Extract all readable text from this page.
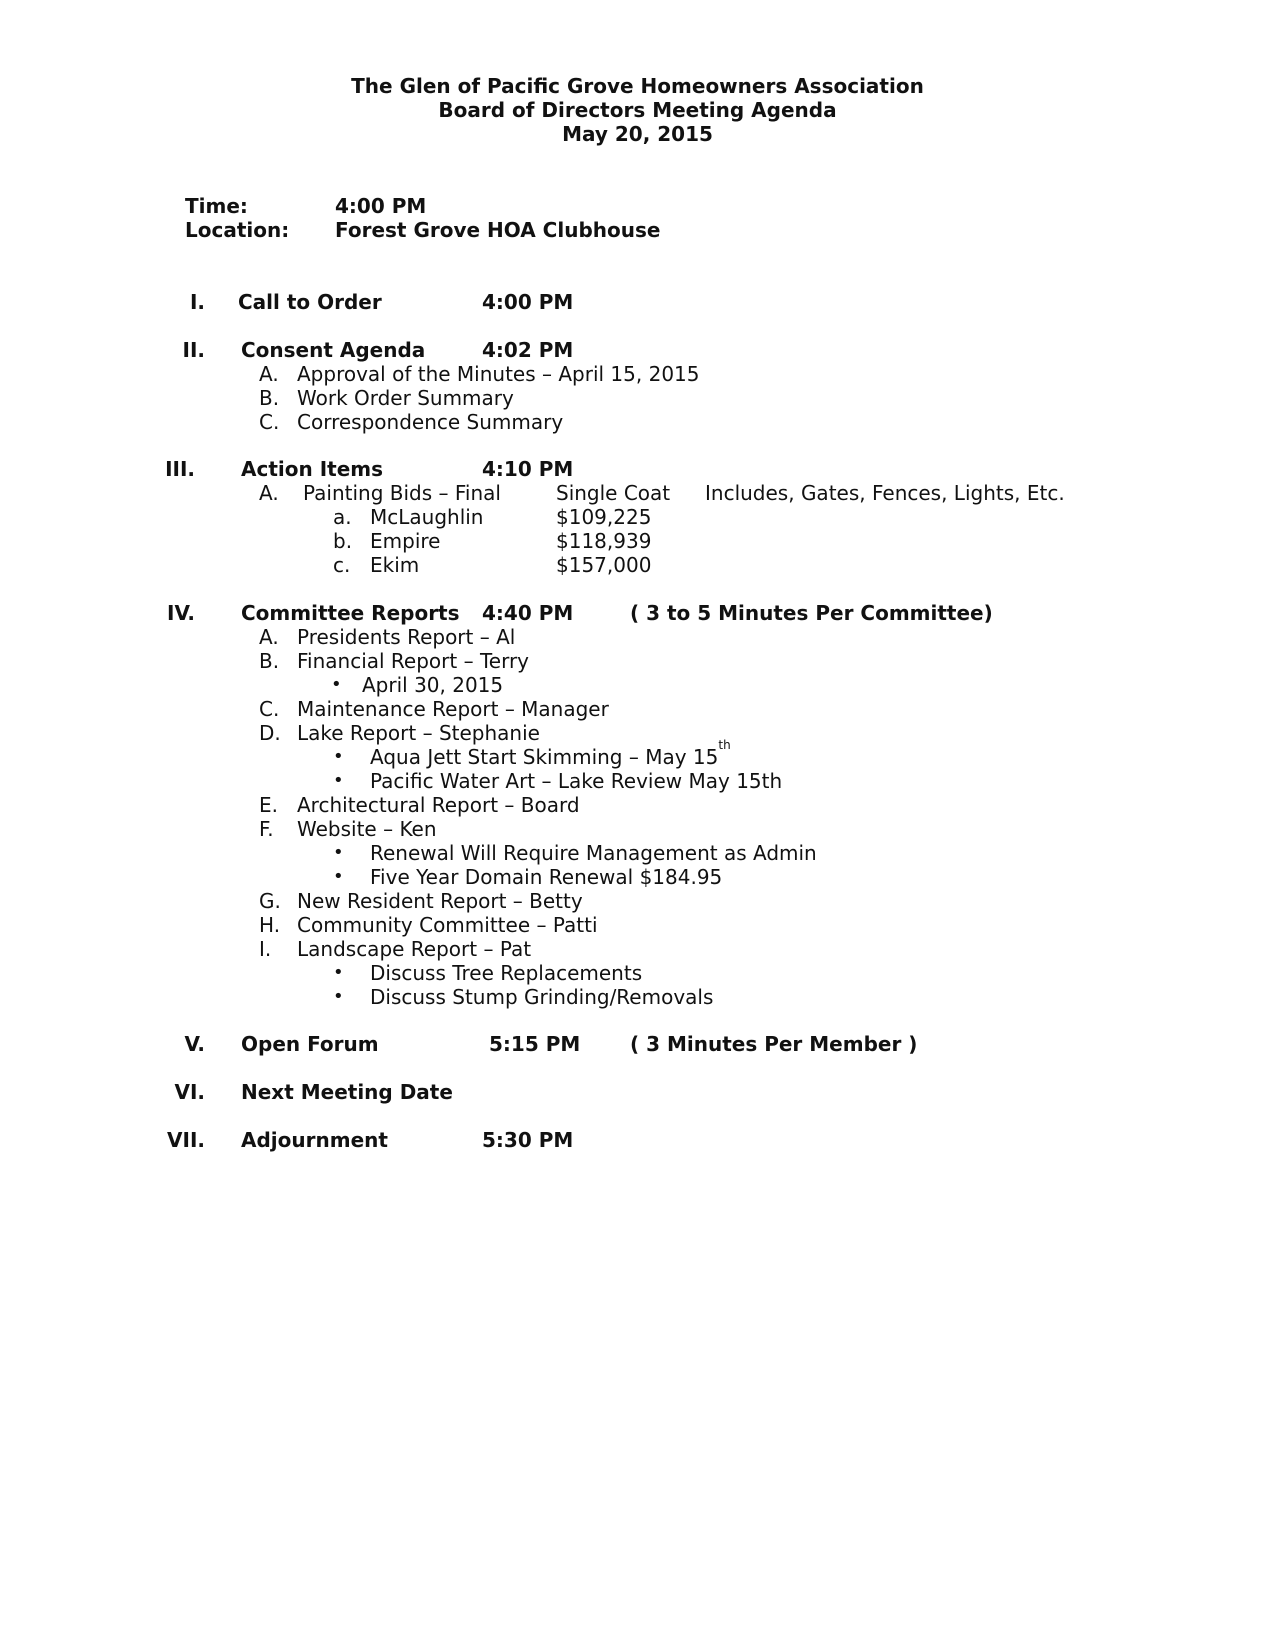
The Glen of Pacific Grove Homeowners Association
Board of Directors Meeting Agenda
May 20, 2015
Time:	4:00 PM
Location: Forest Grove HOA Clubhouse
I. Call to Order	4:00 PM
II. Consent Agenda	4:02 PM
A. Approval of the Minutes – April 15, 2015
B. Work Order Summary
C. Correspondence Summary
III. Action Items	4:10 PM
A. Painting Bids – Final	Single Coat Includes, Gates, Fences, Lights, Etc.
a. McLaughlin	$109,225
b. Empire	$118,939
c. Ekim	$157,000
IV. Committee Reports 4:40 PM	( 3 to 5 Minutes Per Committee)
A. Presidents Report – Al
B. Financial Report – Terry
• April 30, 2015
C. Maintenance Report – Manager
D. Lake Report – Stephanie
• Aqua Jett Start Skimming – May 15th
• Pacific Water Art – Lake Review May 15th
E. Architectural Report – Board
F. Website – Ken
• Renewal Will Require Management as Admin
• Five Year Domain Renewal $184.95
G. New Resident Report – Betty
H. Community Committee – Patti
I. Landscape Report – Pat
• Discuss Tree Replacements
• Discuss Stump Grinding/Removals
V. Open Forum	5:15 PM ( 3 Minutes Per Member )
VI. Next Meeting Date
VII. Adjournment	5:30 PM
